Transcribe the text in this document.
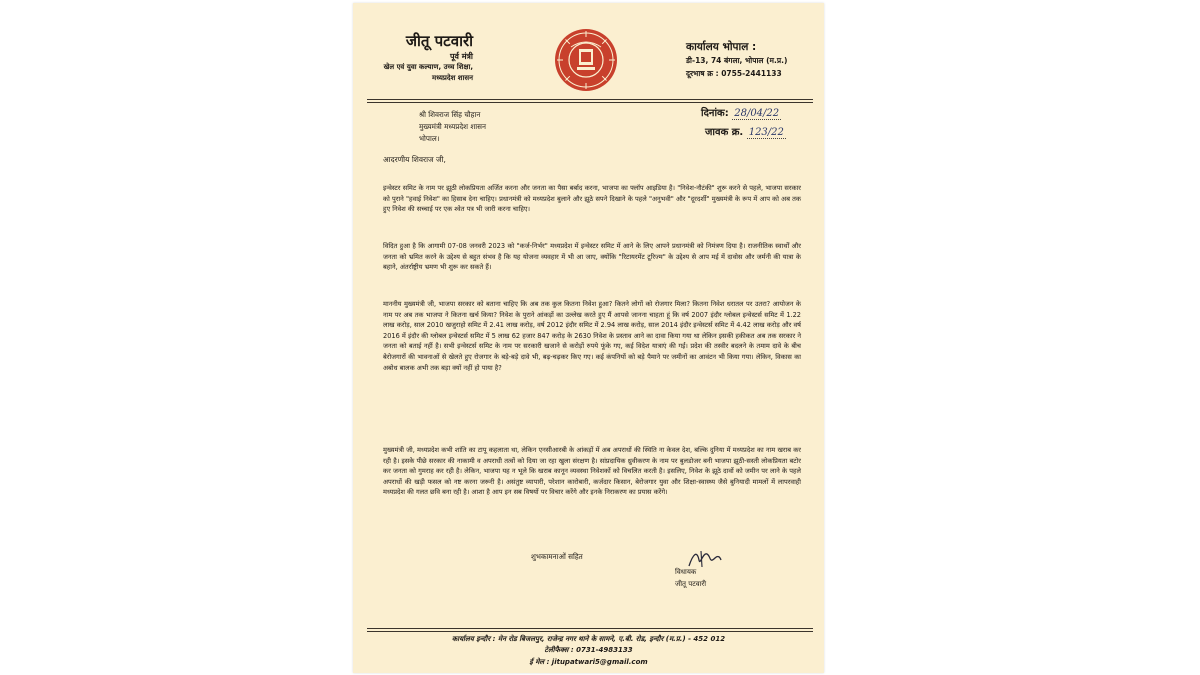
जीतू पटवारी
पूर्व मंत्री
खेल एवं युवा कल्याण, उच्च शिक्षा,
मध्यप्रदेश शासन
कार्यालय भोपाल :
डी-13, 74 बंगला, भोपाल (म.प्र.)
दूरभाष क्र : 0755-2441133
श्री शिवराज सिंह चौहान
मुख्यमंत्री मध्यप्रदेश शासन
भोपाल।
दिनांक: 28/04/22
जावक क्र. 123/22
आदरणीय शिवराज जी,

इन्वेस्टर समिट के नाम पर झूठी लोकप्रियता अर्जित करना और जनता का पैसा बर्बाद करना, भाजपा का फ्लॉप आइडिया है। "निवेश-नौटंकी" शुरू करने से पहले, भाजपा सरकार को पुराने "हवाई निवेश" का हिसाब देना चाहिए। प्रधानमंत्री को मध्यप्रदेश बुलाने और झूठे सपने दिखाने के पहले "अनुभवी" और "दूरदर्शी" मुख्यमंत्री के रूप में आप को अब तक हुए निवेश की सच्चाई पर एक श्वेत पत्र भी जारी करना चाहिए।

विदित हुआ है कि आगामी 07-08 जनवरी 2023 को "कर्ज-निर्भर" मध्यप्रदेश में इन्वेस्टर समिट में आने के लिए आपने प्रधानमंत्री को निमंत्रण दिया है। राजनीतिक स्वार्थों और जनता को भ्रमित करने के उद्देश्य से बहुत संभव है कि यह योजना व्यवहार में भी आ जाए, क्योंकि "रिटायरमेंट टूरिज्म" के उद्देश्य से आप मई में दावोस और जर्मनी की यात्रा के बहाने, अंतर्राष्ट्रीय भ्रमण भी शुरू कर सकते हैं।

माननीय मुख्यमंत्री जी, भाजपा सरकार को बताना चाहिए कि अब तक कुल कितना निवेश हुआ? कितने लोगों को रोजगार मिला? कितना निवेश धरातल पर उतरा? आयोजन के नाम पर अब तक भाजपा ने कितना खर्च किया? निवेश के पुराने आंकड़ों का उल्लेख करते हुए मैं आपसे जानना चाहता हूं कि वर्ष 2007 इंदौर ग्लोबल इन्वेस्टर्स समिट में 1.22 लाख करोड़, साल 2010 खजुराहो समिट में 2.41 लाख करोड़, वर्ष 2012 इंदौर समिट में 2.94 लाख करोड़, साल 2014 इंदौर इन्वेस्टर्स समिट में 4.42 लाख करोड़ और वर्ष 2016 में इंदौर की ग्लोबल इन्वेस्टर्स समिट में 5 लाख 62 हजार 847 करोड़ के 2630 निवेश के प्रस्ताव आने का दावा किया गया था लेकिन इसकी हकीकत अब तक सरकार ने जनता को बताई नहीं है। सभी इन्वेस्टर्स समिट के नाम पर सरकारी खजाने से करोड़ों रुपये फूंके गए, कई विदेश यात्राएं की गईं। प्रदेश की तस्वीर बदलने के तमाम दावे के बीच बेरोजगारों की भावनाओं से खेलते हुए रोजगार के बड़े-बड़े दावे भी, बढ़-चढ़कर किए गए। कई कंपनियों को बड़े पैमाने पर जमीनों का आवंटन भी किया गया। लेकिन, विकास का अबोध बालक अभी तक बड़ा क्यों नहीं हो पाया है?

मुख्यमंत्री जी, मध्यप्रदेश कभी शांति का टापू कहलाता था, लेकिन एनसीआरबी के आंकड़ों में अब अपराधों की स्थिति ना केवल देश, बल्कि दुनिया में मध्यप्रदेश का नाम खराब कर रही है। इसके पीछे सरकार की नाकामी व अपराधी तत्वों को दिया जा रहा खुला संरक्षण है। सांप्रदायिक ध्रुवीकरण के नाम पर बुलडोजर बनी भाजपा झूठी-सस्ती लोकप्रियता बटोर कर जनता को गुमराह कर रही है। लेकिन, भाजपा यह न भूले कि खराब कानून व्यवस्था निवेशकों को विचलित करती है। इसलिए, निवेश के झूठे दावों को जमीन पर लाने के पहले अपराधों की खड़ी फसल को नष्ट करना जरूरी है। असंतुष्ट व्यापारी, परेशान कारोबारी, कर्जदार किसान, बेरोजगार युवा और शिक्षा-स्वास्थ्य जैसे बुनियादी मामलों में लापरवाही मध्यप्रदेश की गलत छवि बना रही है। आशा है आप इन सब विषयों पर विचार करेंगे और इनके निराकरण का प्रयास करेंगे।

शुभकामनाओं सहित
विधायक
जीतू पटवारी
कार्यालय इन्दौर : मेन रोड बिजलपुर, राजेन्द्र नगर थाने के सामने, ए.बी. रोड, इन्दौर (म.प्र.) - 452 012
टेलीफैक्स : 0731-4983133
ई मेल : jitupatwari5@gmail.com
